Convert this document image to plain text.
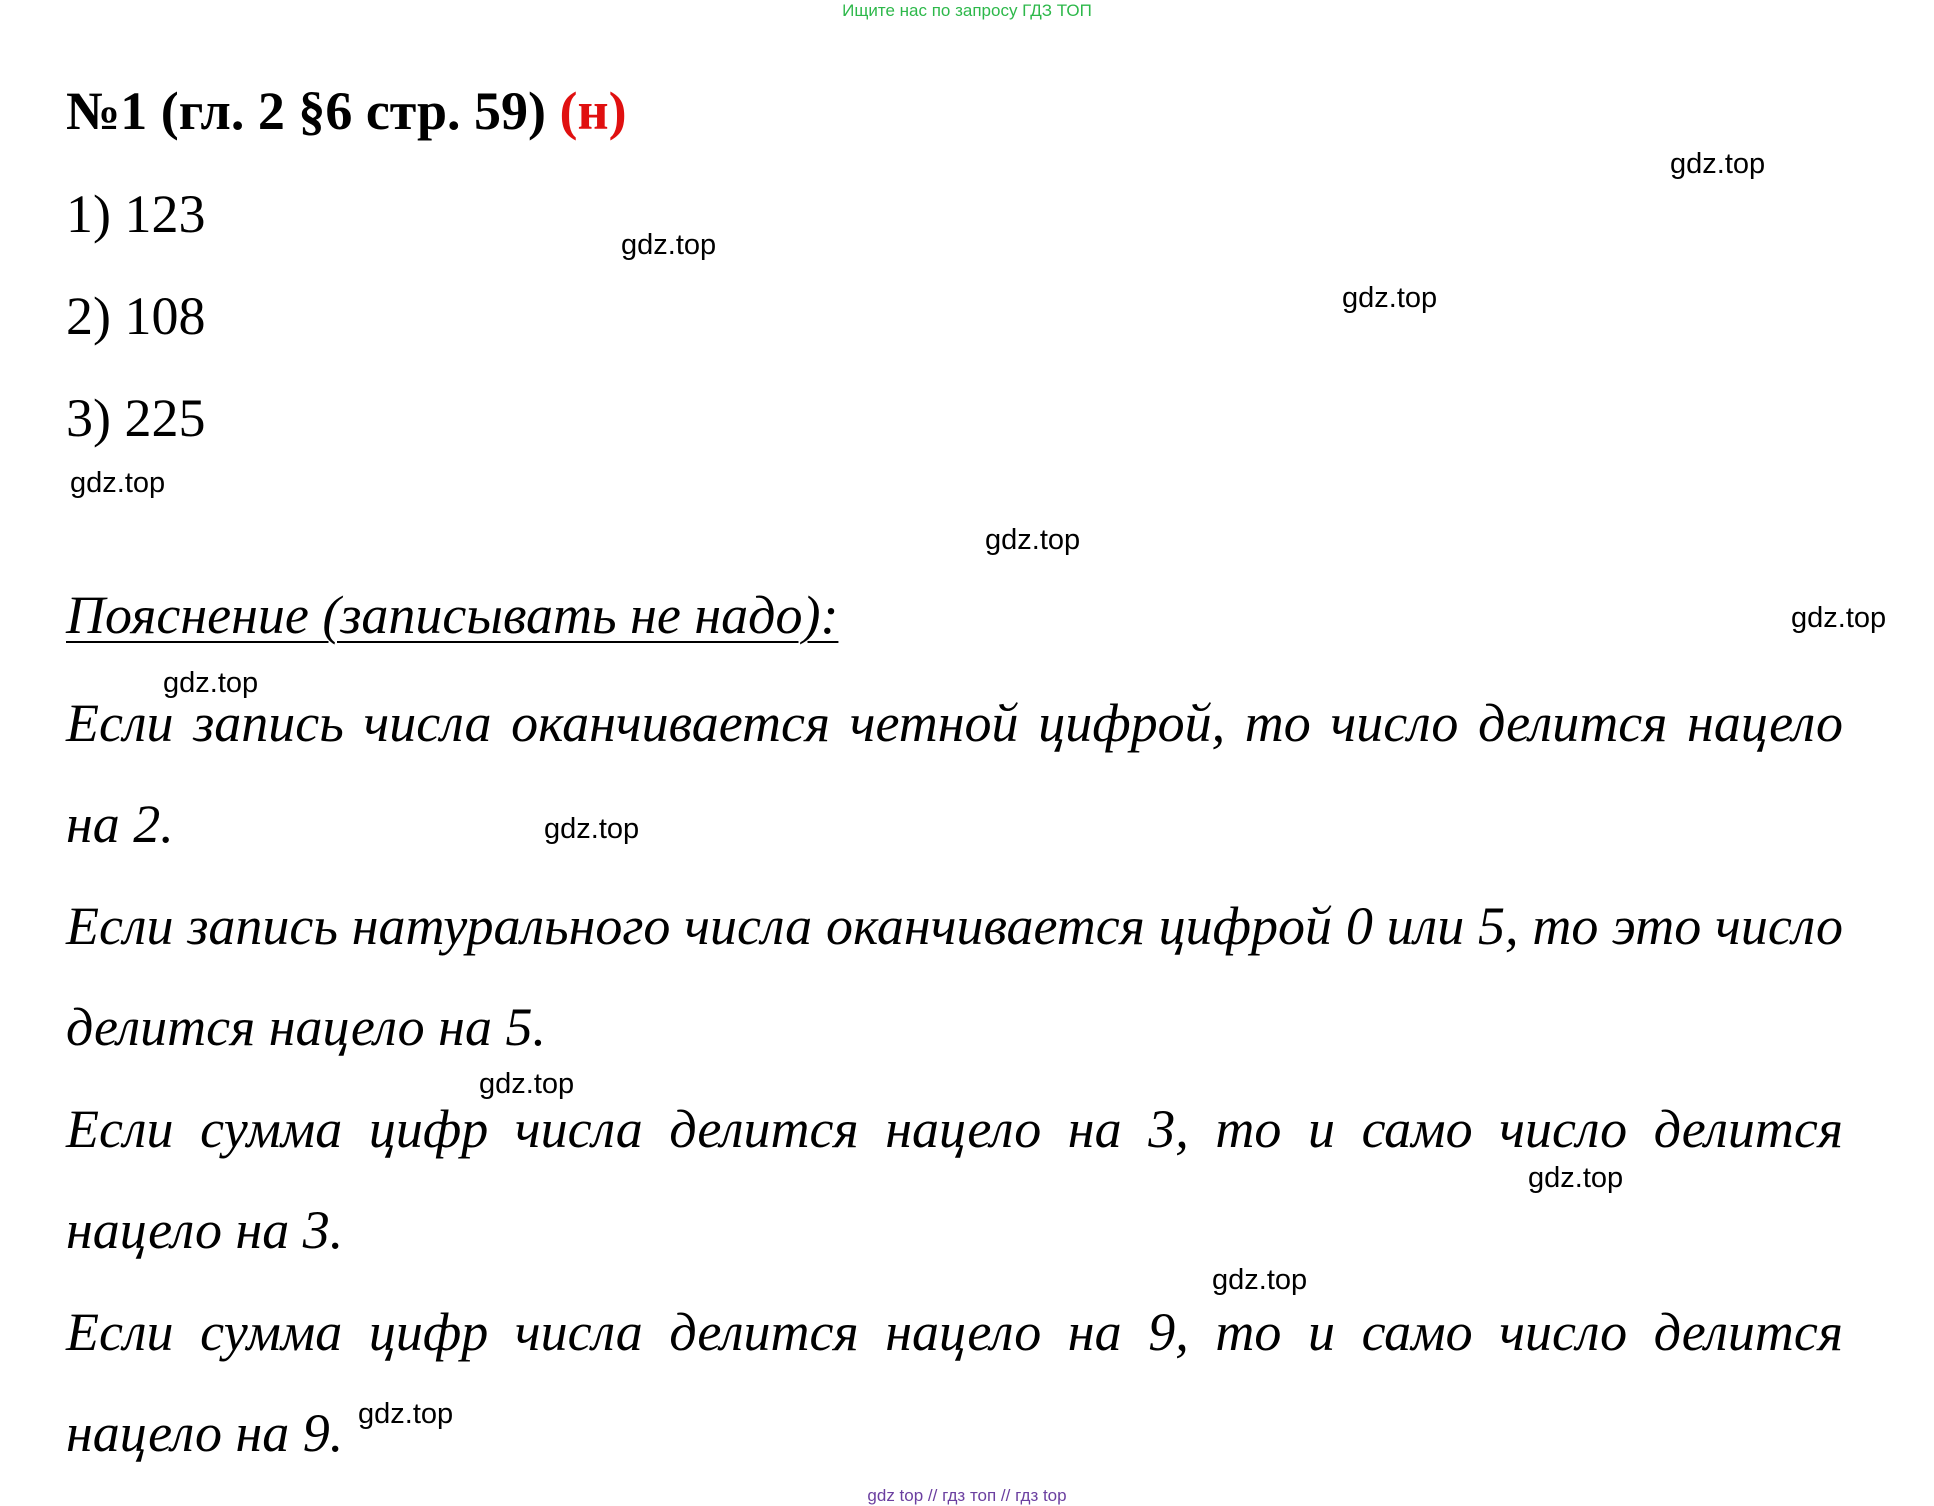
Ищите нас по запросу ГДЗ ТОП
№1 (гл. 2 §6 стр. 59) (н)
1) 123
2) 108
3) 225
Пояснение (записывать не надо):

Если запись числа оканчивается четной цифрой, то число делится нацело на 2.

Если запись натурального числа оканчивается цифрой 0 или 5, то это число делится нацело на 5.

Если сумма цифр числа делится нацело на 3, то и само число делится нацело на 3.

Если сумма цифр числа делится нацело на 9, то и само число делится нацело на 9.

gdz.top
gdz.top
gdz.top
gdz.top
gdz.top
gdz.top
gdz.top
gdz.top
gdz.top
gdz.top
gdz.top
gdz.top
gdz top // гдз топ // гдз top
